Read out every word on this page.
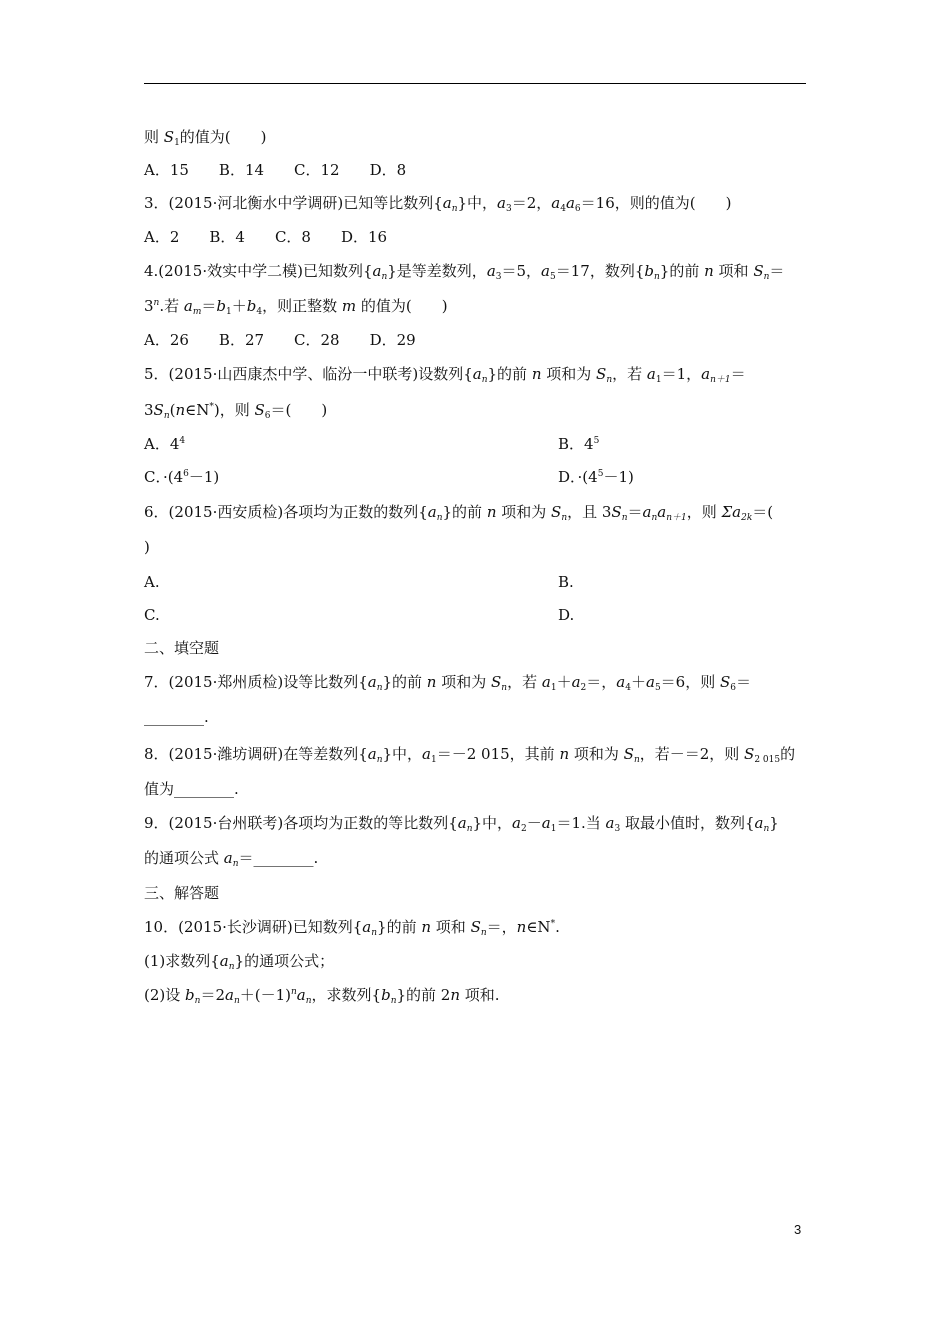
则 $S_1$的值为(　　)
A．15　　B．14　　C．12　　D．8
3．(2015·河北衡水中学调研)已知等比数列$\{a_n\}$中，$a_3=2$，$a_4a_6=16$，则的值为(　　)
A．2　　B．4　　C．8　　D．16
4.(2015·效实中学二模)已知数列$\{a_n\}$是等差数列，$a_3=5$，$a_5=17$，数列$\{b_n\}$的前 n 项和 $S_n=$
$3^n$.若 $a_m=b_1+b_4$，则正整数 m 的值为(　　)
A．26　　B．27　　C．28　　D．29
5．(2015·山西康杰中学、临汾一中联考)设数列$\{a_n\}$的前 n 项和为 $S_n$，若 $a_1=1$，$a_{n+1}=$
$3S_n(n\in N^*)$，则 $S_6=$(　　)
A．$4^4$	B．$4^5$
C．$\cdot(4^6-1)$	D．$\cdot(4^5-1)$
6．(2015·西安质检)各项均为正数的数列$\{a_n\}$的前 n 项和为 $S_n$，且 $3S_n=a_na_{n+1}$，则 $\Sigma a_{2k}=$(
)
A.	B.
C.	D.
二、填空题
7．(2015·郑州质检)设等比数列$\{a_n\}$的前 n 项和为 $S_n$，若 $a_1+a_2=$，$a_4+a_5=6$，则 $S_6=$
________.
8．(2015·潍坊调研)在等差数列$\{a_n\}$中，$a_1=-2$ 015，其前 n 项和为 $S_n$，若－＝2，则 $S_{2 015}$的
值为________.
9．(2015·台州联考)各项均为正数的等比数列$\{a_n\}$中，$a_2-a_1=1$.当 $a_3$ 取最小值时，数列$\{a_n\}$
的通项公式 $a_n=\_\_\_\_\_\_\_\_$.
三、解答题
10．(2015·长沙调研)已知数列$\{a_n\}$的前 n 项和 $S_n=$，n∈N*.
(1)求数列$\{a_n\}$的通项公式；
(2)设 $b_n=2a_n+(-1)^na_n$，求数列$\{b_n\}$的前 2n 项和.
3
